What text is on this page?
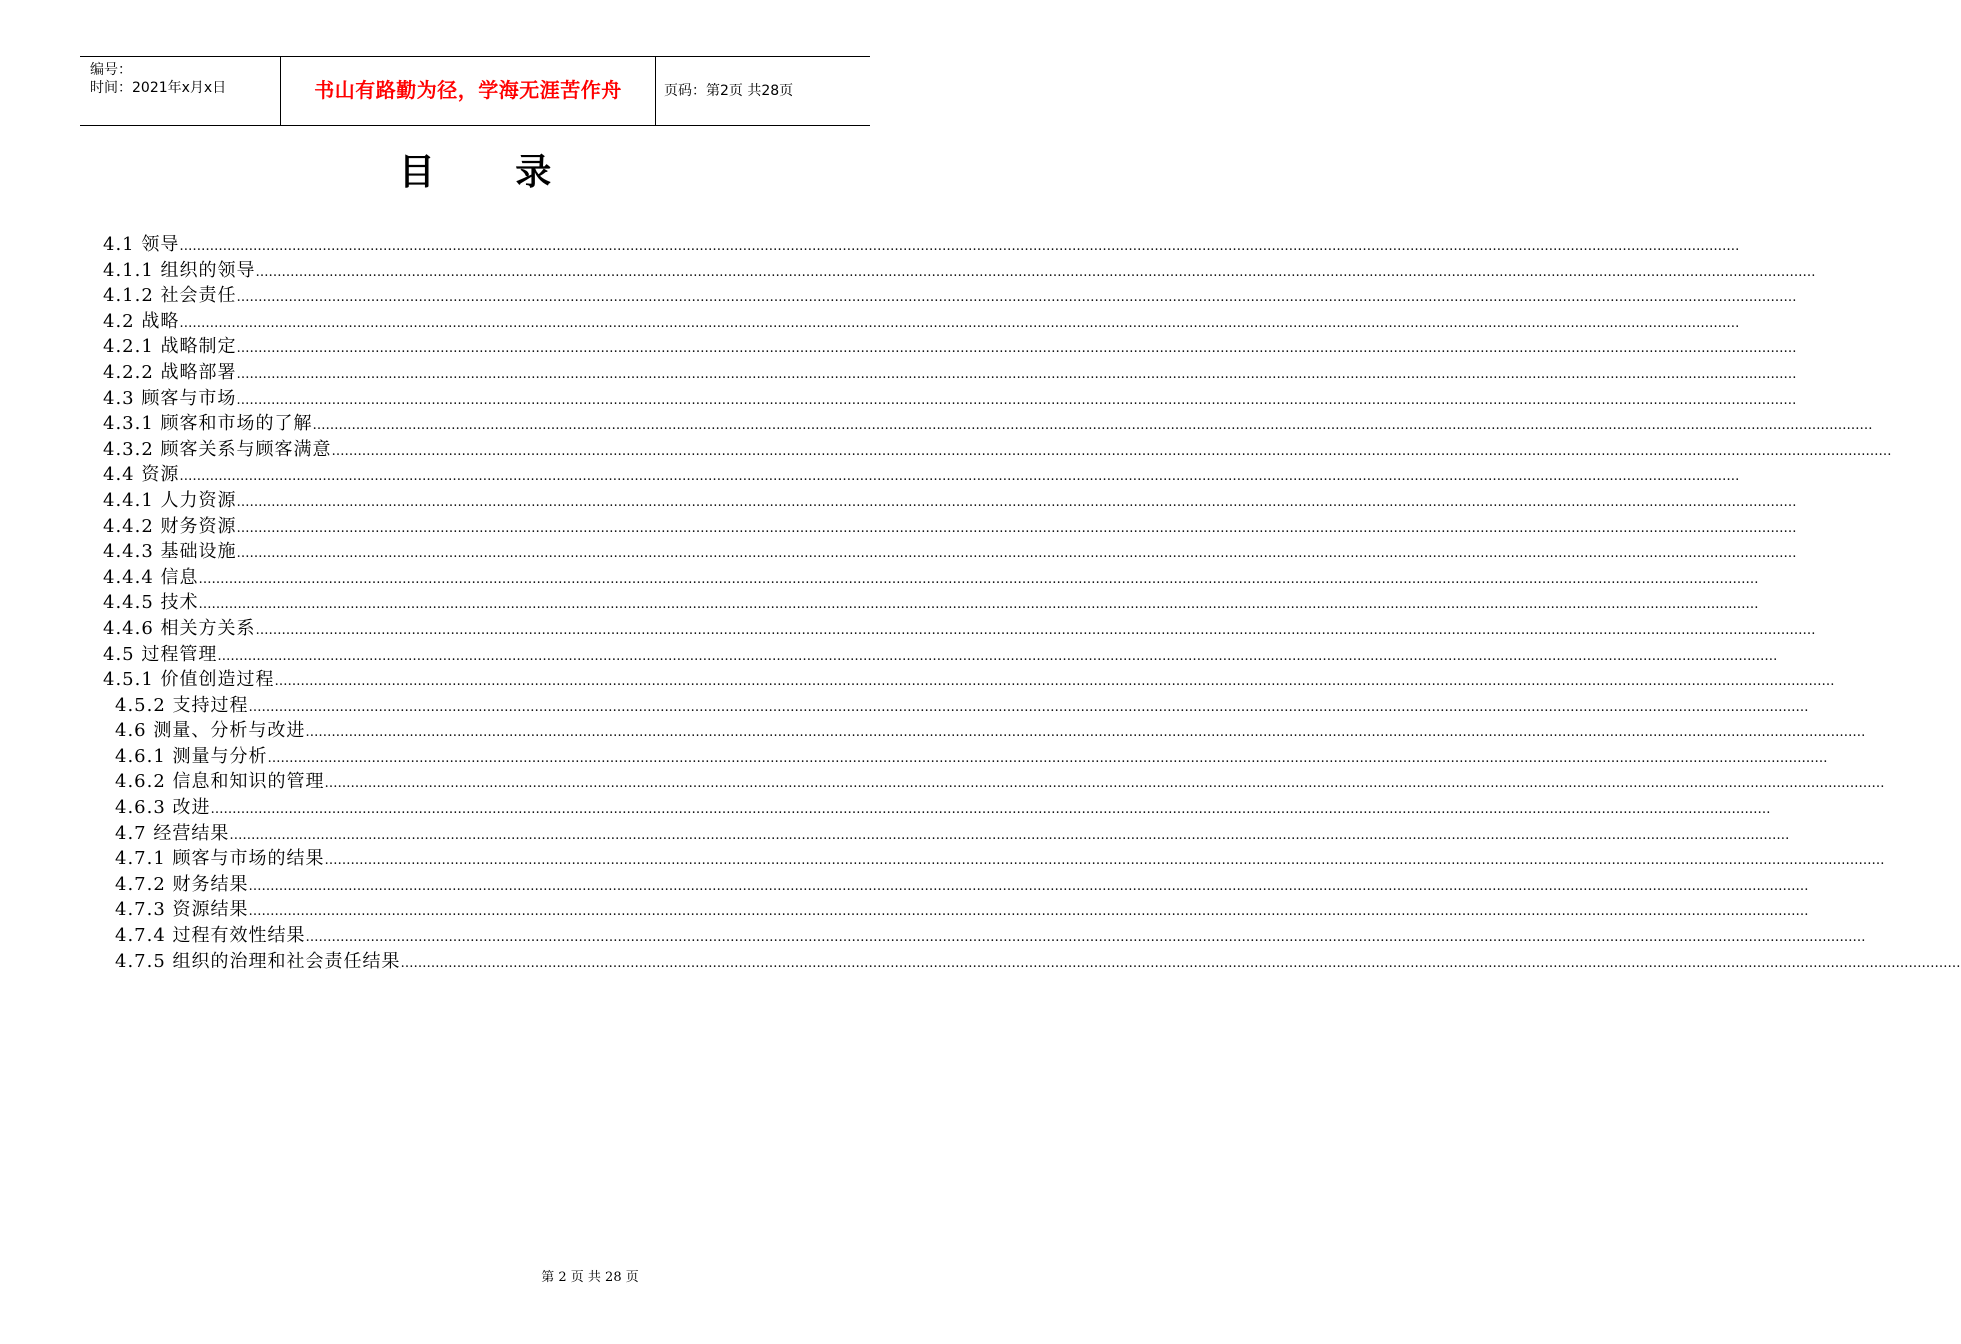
编号：
时间：2021年x月x日	书山有路勤为径，学海无涯苦作舟	页码：第2页 共28页
目 录
4.1 领导 ………………………………………………………………………………………………………………………………………………………………………………………………………………………………………………………………………………………………………………………………
4.1.1 组织的领导 ………………………………………………………………………………………………………………………………………………………………………………………………………………………………………………………………………………………………………………………………
4.1.2 社会责任 ………………………………………………………………………………………………………………………………………………………………………………………………………………………………………………………………………………………………………………………………
4.2 战略 ………………………………………………………………………………………………………………………………………………………………………………………………………………………………………………………………………………………………………………………………
4.2.1 战略制定 ………………………………………………………………………………………………………………………………………………………………………………………………………………………………………………………………………………………………………………………………
4.2.2 战略部署 ………………………………………………………………………………………………………………………………………………………………………………………………………………………………………………………………………………………………………………………………
4.3 顾客与市场 ………………………………………………………………………………………………………………………………………………………………………………………………………………………………………………………………………………………………………………………………
4.3.1 顾客和市场的了解 ………………………………………………………………………………………………………………………………………………………………………………………………………………………………………………………………………………………………………………………………
4.3.2 顾客关系与顾客满意 ………………………………………………………………………………………………………………………………………………………………………………………………………………………………………………………………………………………………………………………………
4.4 资源 ………………………………………………………………………………………………………………………………………………………………………………………………………………………………………………………………………………………………………………………………
4.4.1 人力资源 ………………………………………………………………………………………………………………………………………………………………………………………………………………………………………………………………………………………………………………………………
4.4.2 财务资源 ………………………………………………………………………………………………………………………………………………………………………………………………………………………………………………………………………………………………………………………………
4.4.3 基础设施 ………………………………………………………………………………………………………………………………………………………………………………………………………………………………………………………………………………………………………………………………
4.4.4 信息 ………………………………………………………………………………………………………………………………………………………………………………………………………………………………………………………………………………………………………………………………
4.4.5 技术 ………………………………………………………………………………………………………………………………………………………………………………………………………………………………………………………………………………………………………………………………
4.4.6 相关方关系 ………………………………………………………………………………………………………………………………………………………………………………………………………………………………………………………………………………………………………………………………
4.5 过程管理 ………………………………………………………………………………………………………………………………………………………………………………………………………………………………………………………………………………………………………………………………
4.5.1 价值创造过程 ………………………………………………………………………………………………………………………………………………………………………………………………………………………………………………………………………………………………………………………………
4.5.2 支持过程 ………………………………………………………………………………………………………………………………………………………………………………………………………………………………………………………………………………………………………………………………
4.6 测量、分析与改进 ………………………………………………………………………………………………………………………………………………………………………………………………………………………………………………………………………………………………………………………………
4.6.1 测量与分析 ………………………………………………………………………………………………………………………………………………………………………………………………………………………………………………………………………………………………………………………………
4.6.2 信息和知识的管理 ………………………………………………………………………………………………………………………………………………………………………………………………………………………………………………………………………………………………………………………………
4.6.3 改进 ………………………………………………………………………………………………………………………………………………………………………………………………………………………………………………………………………………………………………………………………
4.7 经营结果 ………………………………………………………………………………………………………………………………………………………………………………………………………………………………………………………………………………………………………………………………
4.7.1 顾客与市场的结果 ………………………………………………………………………………………………………………………………………………………………………………………………………………………………………………………………………………………………………………………………
4.7.2 财务结果 ………………………………………………………………………………………………………………………………………………………………………………………………………………………………………………………………………………………………………………………………
4.7.3 资源结果 ………………………………………………………………………………………………………………………………………………………………………………………………………………………………………………………………………………………………………………………………
4.7.4 过程有效性结果 ………………………………………………………………………………………………………………………………………………………………………………………………………………………………………………………………………………………………………………………………
4.7.5 组织的治理和社会责任结果 ………………………………………………………………………………………………………………………………………………………………………………………………………………………………………………………………………………………………………………………………
第 2 页 共 28 页
